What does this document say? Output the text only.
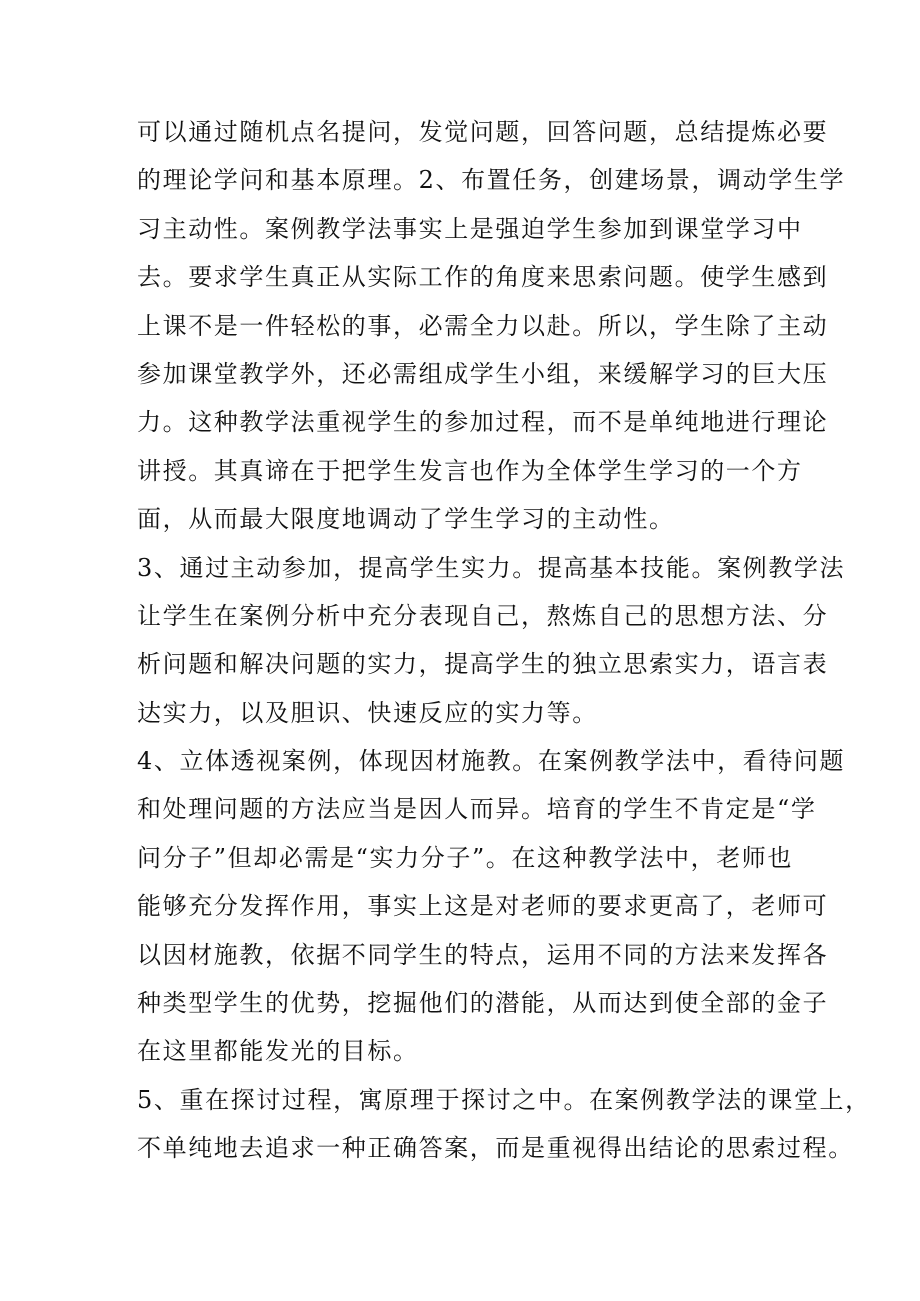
可以通过随机点名提问，发觉问题，回答问题，总结提炼必要
的理论学问和基本原理。2、布置任务，创建场景，调动学生学
习主动性。案例教学法事实上是强迫学生参加到课堂学习中
去。要求学生真正从实际工作的角度来思索问题。使学生感到
上课不是一件轻松的事，必需全力以赴。所以，学生除了主动
参加课堂教学外，还必需组成学生小组，来缓解学习的巨大压
力。这种教学法重视学生的参加过程，而不是单纯地进行理论
讲授。其真谛在于把学生发言也作为全体学生学习的一个方
面，从而最大限度地调动了学生学习的主动性。
3、通过主动参加，提高学生实力。提高基本技能。案例教学法
让学生在案例分析中充分表现自己，熬炼自己的思想方法、分
析问题和解决问题的实力，提高学生的独立思索实力，语言表
达实力，以及胆识、快速反应的实力等。
4、立体透视案例，体现因材施教。在案例教学法中，看待问题
和处理问题的方法应当是因人而异。培育的学生不肯定是“学
问分子”但却必需是“实力分子”。在这种教学法中，老师也
能够充分发挥作用，事实上这是对老师的要求更高了，老师可
以因材施教，依据不同学生的特点，运用不同的方法来发挥各
种类型学生的优势，挖掘他们的潜能，从而达到使全部的金子
在这里都能发光的目标。
5、重在探讨过程，寓原理于探讨之中。在案例教学法的课堂上，
不单纯地去追求一种正确答案，而是重视得出结论的思索过程。
